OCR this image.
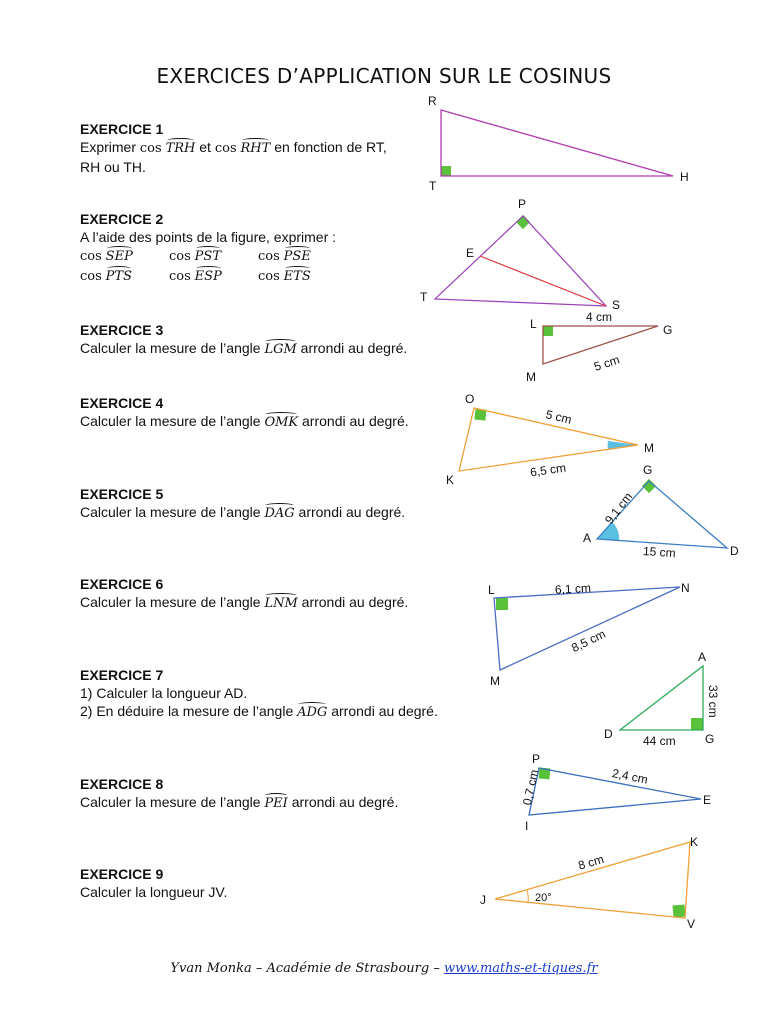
EXERCICES D’APPLICATION SUR LE COSINUS
EXERCICE 1

Exprimer cos TRH et cos RHT en fonction de RT,

RH ou TH.

EXERCICE 2

A l’aide des points de la figure, exprimer :

cos SEP	cos PST	cos PSE
cos PTS	cos ESP	cos ETS
EXERCICE 3

Calculer la mesure de l’angle LGM arrondi au degré.

EXERCICE 4

Calculer la mesure de l’angle OMK arrondi au degré.

EXERCICE 5

Calculer la mesure de l’angle DAG arrondi au degré.

EXERCICE 6

Calculer la mesure de l’angle LNM arrondi au degré.

EXERCICE 7

1) Calculer la longueur AD.

2) En déduire la mesure de l’angle ADG arrondi au degré.

EXERCICE 8

Calculer la mesure de l’angle PEI arrondi au degré.

EXERCICE 9

Calculer la longueur JV.

R
T
H
P
E
T
S
L	G
M
4 cm
5 cm
O
M
K
5 cm
6,5 cm	G
A
D
9,1 cm
15 cm
L	N
M
6,1 cm
8,5 cm
A
D	G
33 cm
44 cm
P
E
I
0,7 cm	2,4 cm
K
J
V
8 cm
20°
Yvan Monka – Académie de Strasbourg – www.maths-et-tiques.fr
